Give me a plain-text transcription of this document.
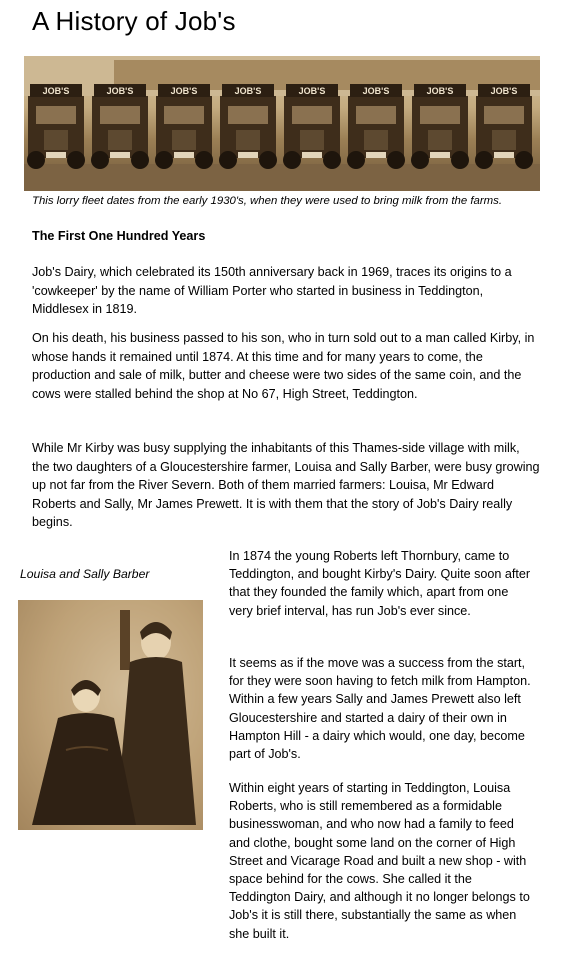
A History of Job's
JOB'S	JOB'S	JOB'S	JOB'S	JOB'S	JOB'S	JOB'S	JOB'S
This lorry fleet dates from the early 1930's, when they were used to bring milk from the farms.
The First One Hundred Years

Job's Dairy, which celebrated its 150th anniversary back in 1969, traces its origins to a 'cowkeeper' by the name of William Porter who started in business in Teddington, Middlesex in 1819.

On his death, his business passed to his son, who in turn sold out to a man called Kirby, in whose hands it remained until 1874. At this time and for many years to come, the production and sale of milk, butter and cheese were two sides of the same coin, and the cows were stalled behind the shop at No 67, High Street, Teddington.

While Mr Kirby was busy supplying the inhabitants of this Thames-side village with milk, the two daughters of a Gloucestershire farmer, Louisa and Sally Barber, were busy growing up not far from the River Severn. Both of them married farmers: Louisa, Mr Edward Roberts and Sally, Mr James Prewett. It is with them that the story of Job's Dairy really begins.

Louisa and Sally Barber

In 1874 the young Roberts left Thornbury, came to Teddington, and bought Kirby's Dairy. Quite soon after that they founded the family which, apart from one very brief interval, has run Job's ever since.

It seems as if the move was a success from the start, for they were soon having to fetch milk from Hampton. Within a few years Sally and James Prewett also left Gloucestershire and started a dairy of their own in Hampton Hill - a dairy which would, one day, become part of Job's.

Within eight years of starting in Teddington, Louisa Roberts, who is still remembered as a formidable businesswoman, and who now had a family to feed and clothe, bought some land on the corner of High Street and Vicarage Road and built a new shop - with space behind for the cows. She called it the Teddington Dairy, and although it no longer belongs to Job's it is still there, substantially the same as when she built it.
